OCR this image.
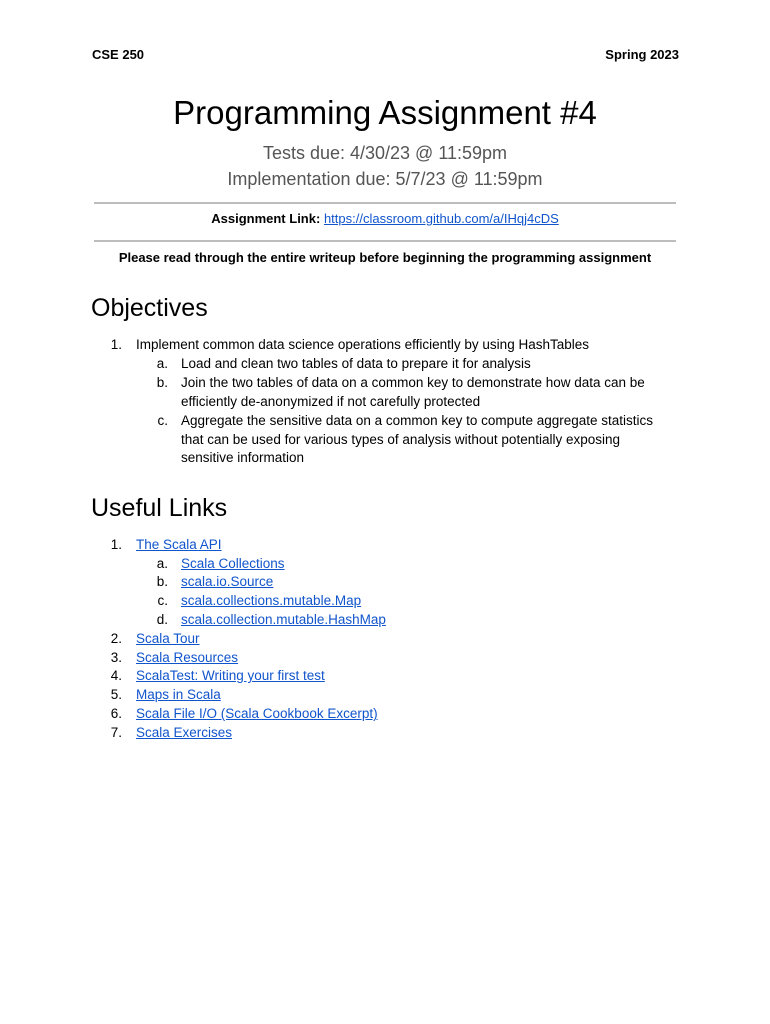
CSE 250	Spring 2023
Programming Assignment #4
Tests due: 4/30/23 @ 11:59pm
Implementation due: 5/7/23 @ 11:59pm
Assignment Link: https://classroom.github.com/a/IHqj4cDS
Please read through the entire writeup before beginning the programming assignment
Objectives
1. Implement common data science operations efficiently by using HashTables
a. Load and clean two tables of data to prepare it for analysis
b. Join the two tables of data on a common key to demonstrate how data can be
efficiently de-anonymized if not carefully protected
c. Aggregate the sensitive data on a common key to compute aggregate statistics
that can be used for various types of analysis without potentially exposing
sensitive information
Useful Links
1. The Scala API
a. Scala Collections
b. scala.io.Source
c. scala.collections.mutable.Map
d. scala.collection.mutable.HashMap
2. Scala Tour
3. Scala Resources
4. ScalaTest: Writing your first test
5. Maps in Scala
6. Scala File I/O (Scala Cookbook Excerpt)
7. Scala Exercises
